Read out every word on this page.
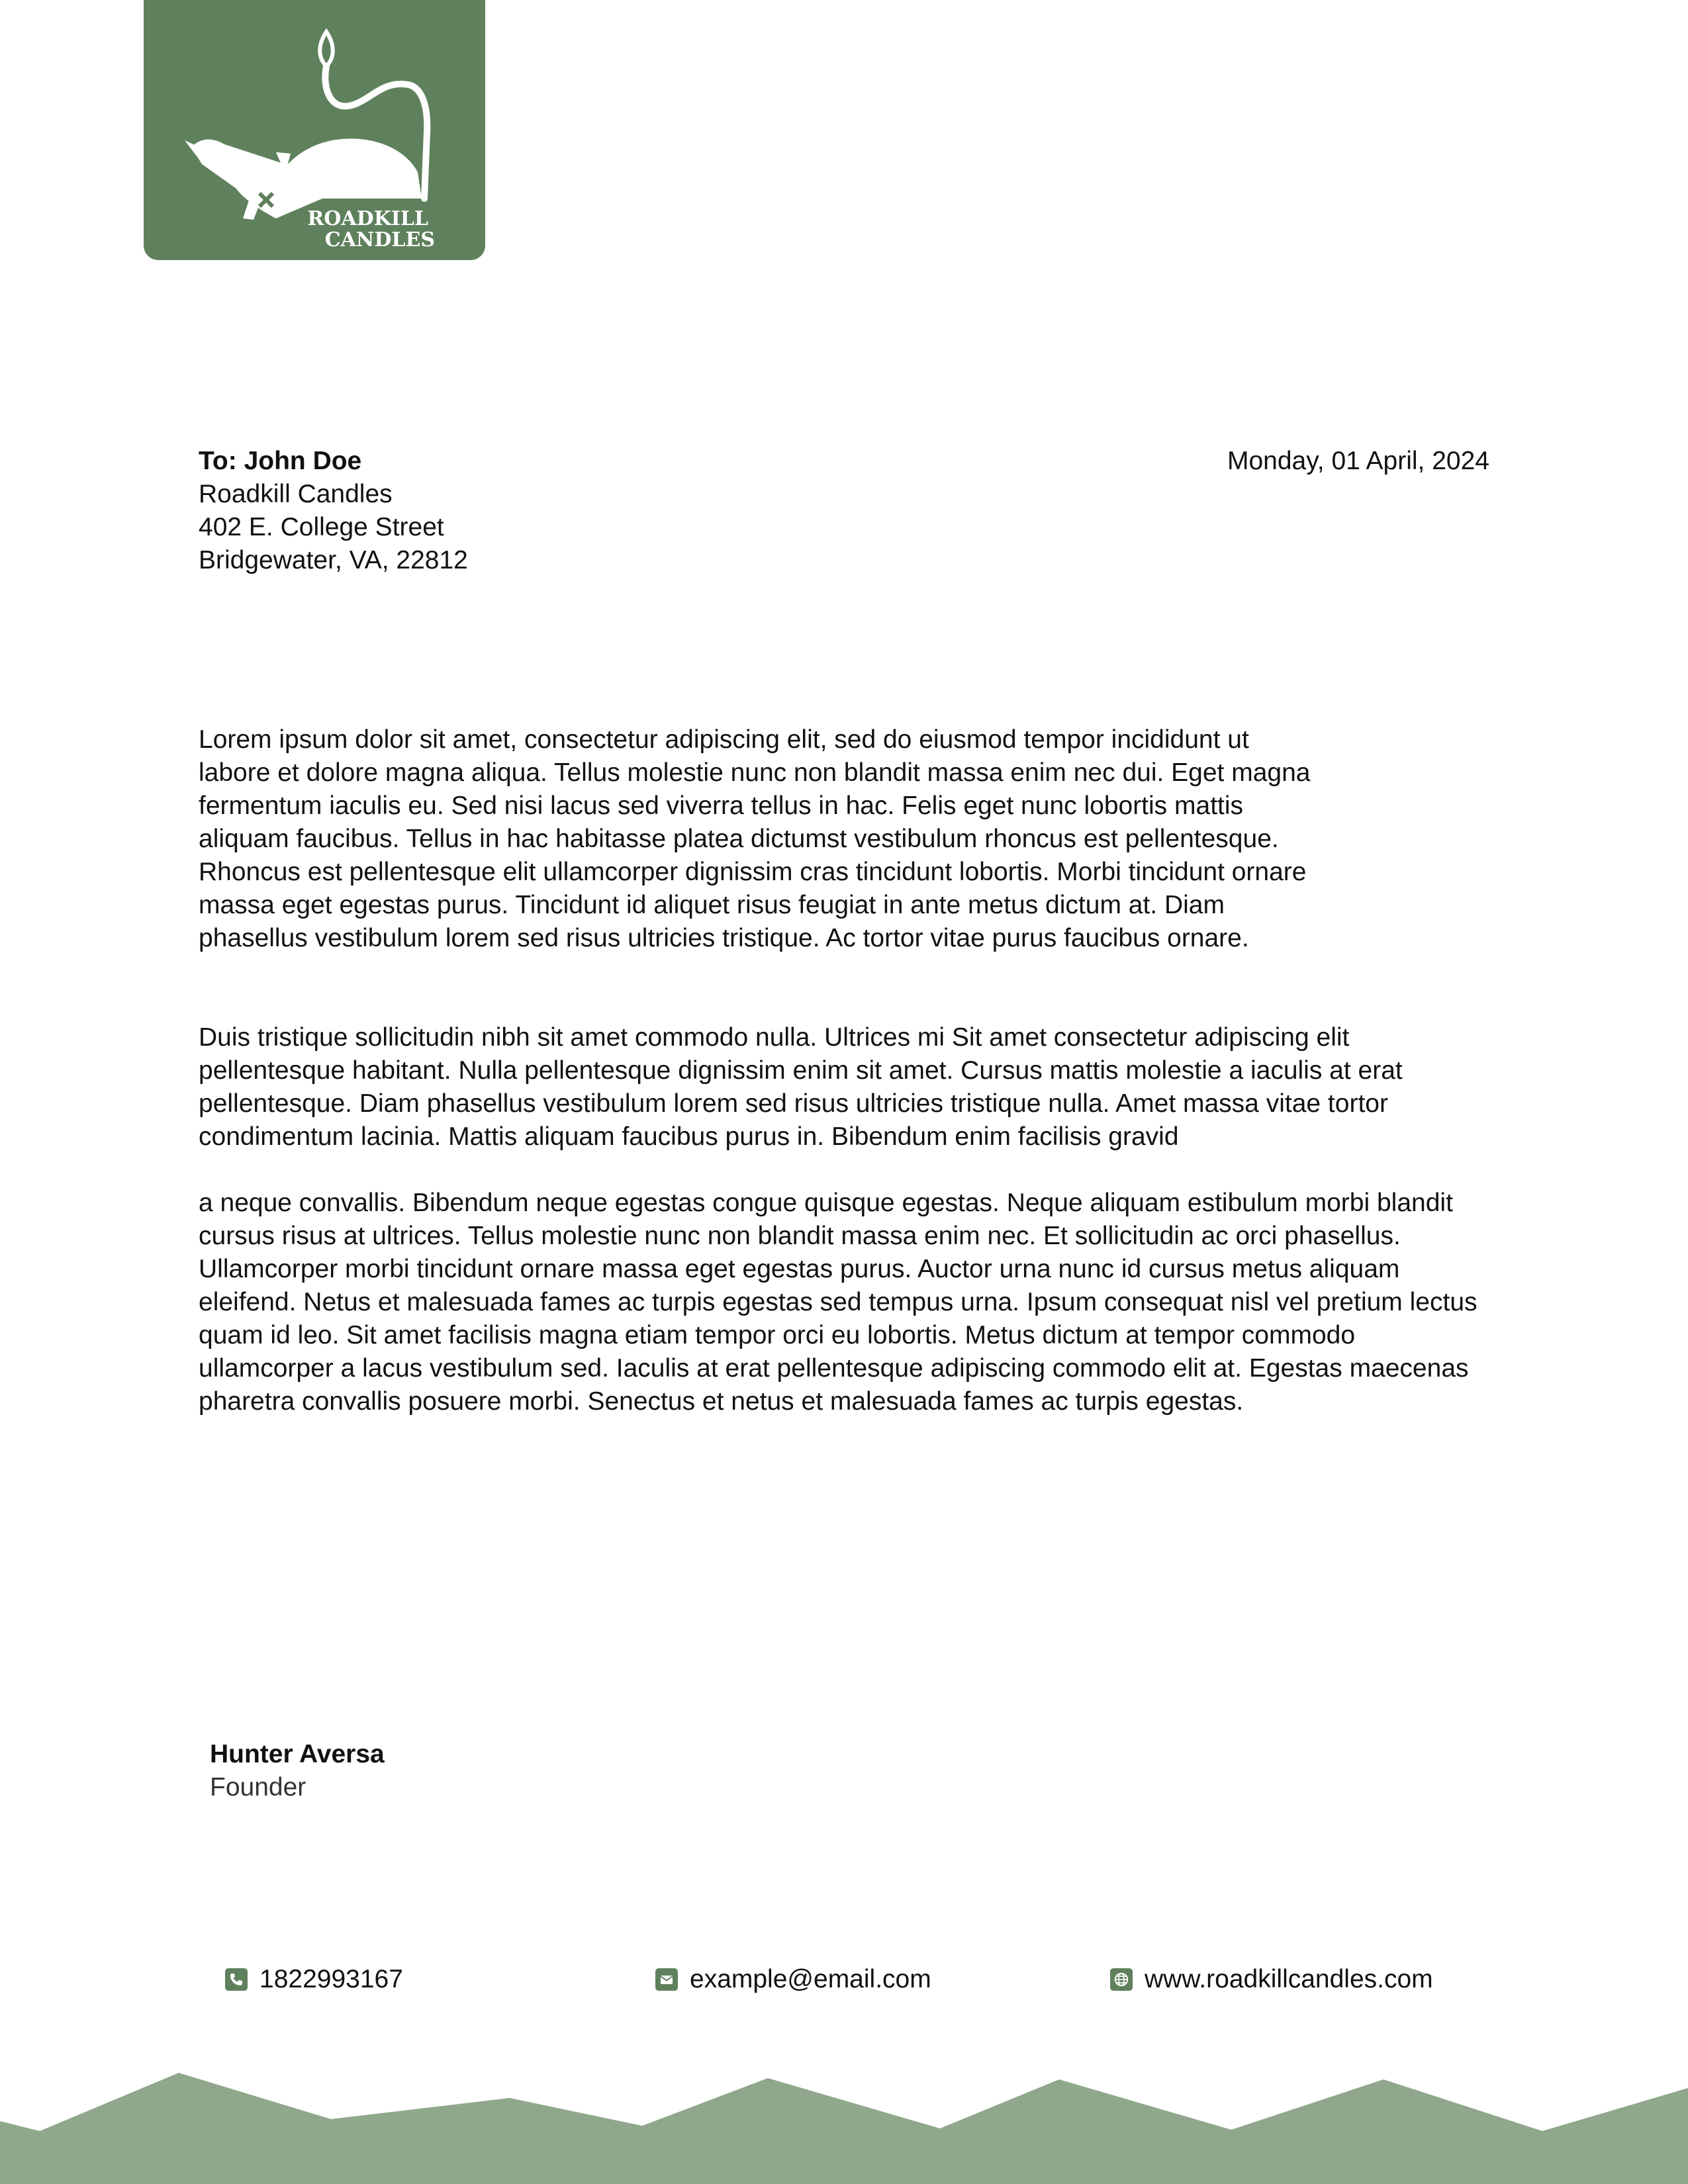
ROADKILL
CANDLES
To: John Doe
Roadkill Candles
402 E. College Street
Bridgewater, VA, 22812
Monday, 01 April, 2024

Lorem ipsum dolor sit amet, consectetur adipiscing elit, sed do eiusmod tempor incididunt ut labore et dolore magna aliqua. Tellus molestie nunc non blandit massa enim nec dui. Eget magna fermentum iaculis eu. Sed nisi lacus sed viverra tellus in hac. Felis eget nunc lobortis mattis aliquam faucibus. Tellus in hac habitasse platea dictumst vestibulum rhoncus est pellentesque. Rhoncus est pellentesque elit ullamcorper dignissim cras tincidunt lobortis. Morbi tincidunt ornare massa eget egestas purus. Tincidunt id aliquet risus feugiat in ante metus dictum at. Diam phasellus vestibulum lorem sed risus ultricies tristique. Ac tortor vitae purus faucibus ornare.

Duis tristique sollicitudin nibh sit amet commodo nulla. Ultrices mi Sit amet consectetur adipiscing elit pellentesque habitant. Nulla pellentesque dignissim enim sit amet. Cursus mattis molestie a iaculis at erat pellentesque. Diam phasellus vestibulum lorem sed risus ultricies tristique nulla. Amet massa vitae tortor condimentum lacinia. Mattis aliquam faucibus purus in. Bibendum enim facilisis gravid

a neque convallis. Bibendum neque egestas congue quisque egestas. Neque aliquam estibulum morbi blandit cursus risus at ultrices. Tellus molestie nunc non blandit massa enim nec. Et sollicitudin ac orci phasellus. Ullamcorper morbi tincidunt ornare massa eget egestas purus. Auctor urna nunc id cursus metus aliquam eleifend. Netus et malesuada fames ac turpis egestas sed tempus urna. Ipsum consequat nisl vel pretium lectus quam id leo. Sit amet facilisis magna etiam tempor orci eu lobortis. Metus dictum at tempor commodo ullamcorper a lacus vestibulum sed. Iaculis at erat pellentesque adipiscing commodo elit at. Egestas maecenas pharetra convallis posuere morbi. Senectus et netus et malesuada fames ac turpis egestas.

Hunter Aversa
Founder
1822993167	example@email.com	www.roadkillcandles.com
